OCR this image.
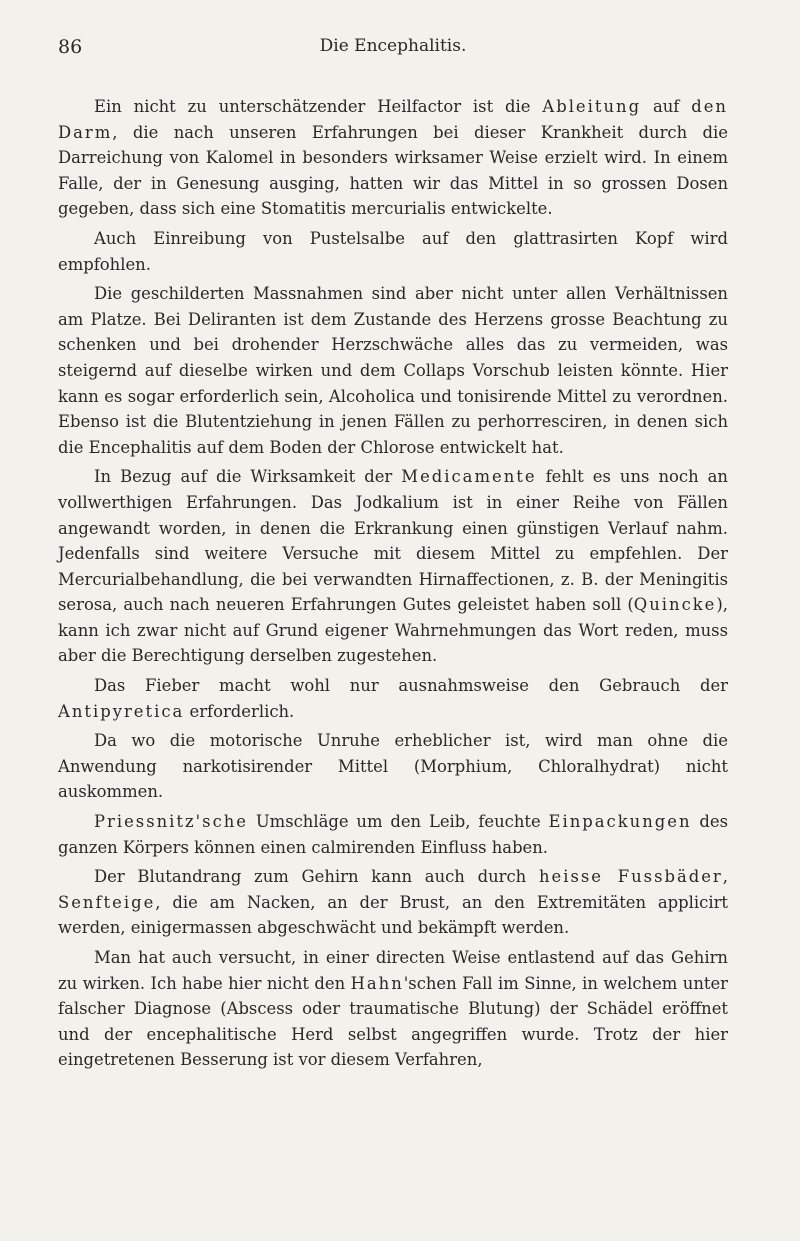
86	Die Encephalitis.

Ein nicht zu unterschätzender Heilfactor ist die Ableitung auf den Darm, die nach unseren Erfahrungen bei dieser Krankheit durch die Darreichung von Kalomel in besonders wirksamer Weise erzielt wird. In einem Falle, der in Genesung ausging, hatten wir das Mittel in so grossen Dosen gegeben, dass sich eine Stomatitis mercurialis entwickelte.

Auch Einreibung von Pustelsalbe auf den glattrasirten Kopf wird empfohlen.

Die geschilderten Massnahmen sind aber nicht unter allen Verhältnissen am Platze. Bei Deliranten ist dem Zustande des Herzens grosse Beachtung zu schenken und bei drohender Herzschwäche alles das zu vermeiden, was steigernd auf dieselbe wirken und dem Collaps Vorschub leisten könnte. Hier kann es sogar erforderlich sein, Alcoholica und tonisirende Mittel zu verordnen. Ebenso ist die Blutentziehung in jenen Fällen zu perhorresciren, in denen sich die Encephalitis auf dem Boden der Chlorose entwickelt hat.

In Bezug auf die Wirksamkeit der Medicamente fehlt es uns noch an vollwerthigen Erfahrungen. Das Jodkalium ist in einer Reihe von Fällen angewandt worden, in denen die Erkrankung einen günstigen Verlauf nahm. Jedenfalls sind weitere Versuche mit diesem Mittel zu empfehlen. Der Mercurialbehandlung, die bei verwandten Hirnaffectionen, z. B. der Meningitis serosa, auch nach neueren Erfahrungen Gutes geleistet haben soll (Quincke), kann ich zwar nicht auf Grund eigener Wahrnehmungen das Wort reden, muss aber die Berechtigung derselben zugestehen.

Das Fieber macht wohl nur ausnahmsweise den Gebrauch der Antipyretica erforderlich.

Da wo die motorische Unruhe erheblicher ist, wird man ohne die Anwendung narkotisirender Mittel (Morphium, Chloralhydrat) nicht auskommen.

Priessnitz'sche Umschläge um den Leib, feuchte Einpackungen des ganzen Körpers können einen calmirenden Einfluss haben.

Der Blutandrang zum Gehirn kann auch durch heisse Fussbäder, Senfteige, die am Nacken, an der Brust, an den Extremitäten applicirt werden, einigermassen abgeschwächt und bekämpft werden.

Man hat auch versucht, in einer directen Weise entlastend auf das Gehirn zu wirken. Ich habe hier nicht den Hahn'schen Fall im Sinne, in welchem unter falscher Diagnose (Abscess oder traumatische Blutung) der Schädel eröffnet und der encephalitische Herd selbst angegriffen wurde. Trotz der hier eingetretenen Besserung ist vor diesem Verfahren,
